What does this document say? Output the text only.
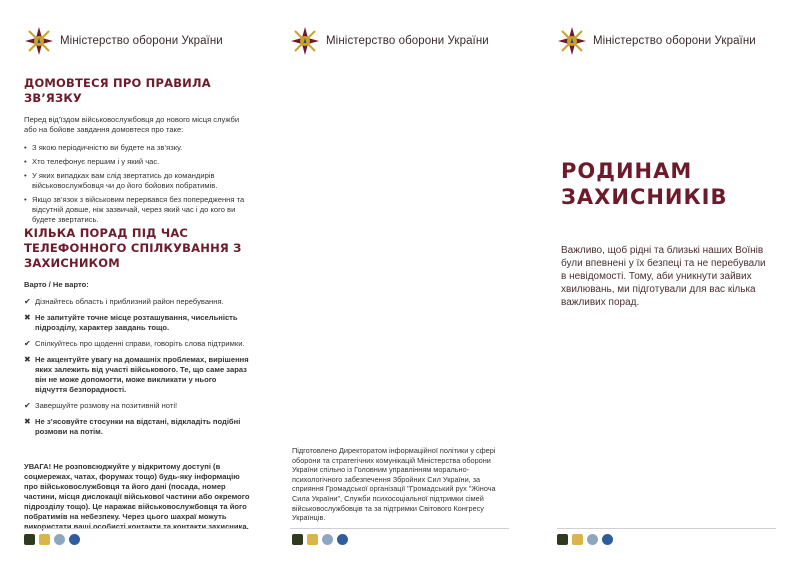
Міністерство оборони України
ДОМОВТЕСЯ ПРО ПРАВИЛА ЗВ’ЯЗКУ

Перед від’їздом військовослужбовця до нового місця служби або на бойове завдання домовтеся про таке:

• З якою періодичністю ви будете на зв’язку.
• Хто телефонує першим і у який час.
• У яких випадках вам слід звертатись до командирів військовослужбовця чи до його бойових побратимів.
• Якщо зв’язок з військовим перервався без попередження та відсутній довше, ніж зазвичай, через який час і до кого ви будете звертатись.
КІЛЬКА ПОРАД ПІД ЧАС ТЕЛЕФОННОГО СПІЛКУВАННЯ З ЗАХИСНИКОМ

Варто / Не варто:

✔ Дізнайтесь область і приблизний район перебування.
✖ Не запитуйте точне місце розташування, чисельність підрозділу, характер завдань тощо.
✔ Спілкуйтесь про щоденні справи, говоріть слова підтримки.
✖ Не акцентуйте увагу на домашніх проблемах, вирішення яких залежить від участі військового. Те, що саме зараз він не може допомогти, може викликати у нього відчуття безпорадності.
✔ Завершуйте розмову на позитивній ноті!
✖ Не з’ясовуйте стосунки на відстані, відкладіть подібні розмови на потім.

УВАГА! Не розповсюджуйте у відкритому доступі (в соцмережах, чатах, форумах тощо) будь-яку інформацію про військовослужбовця та його дані (посада, номер частини, місця дислокації військової частини або окремого підрозділу тощо). Це наражає військовослужбовця та його побратимів на небезпеку. Через цього шахраї можуть використати ваші особисті контакти та контакти захисника.

Міністерство оборони України

Підготовлено Директоратом інформаційної політики у сфері оборони та стратегічних комунікацій Міністерства оборони України спільно із Головним управлінням морально-психологічного забезпечення Збройних Сил України, за сприяння Громадської організації "Громадський рух "Жіноча Сила України", Служби психосоціальної підтримки сімей військовослужбовців та за підтримки Світового Конгресу Українців.

Міністерство оборони України
РОДИНАМ
ЗАХИСНИКІВ

Важливо, щоб рідні та близькі наших Воїнів були впевнені у їх безпеці та не перебували в невідомості. Тому, аби уникнути зайвих хвилювань, ми підготували для вас кілька важливих порад.
